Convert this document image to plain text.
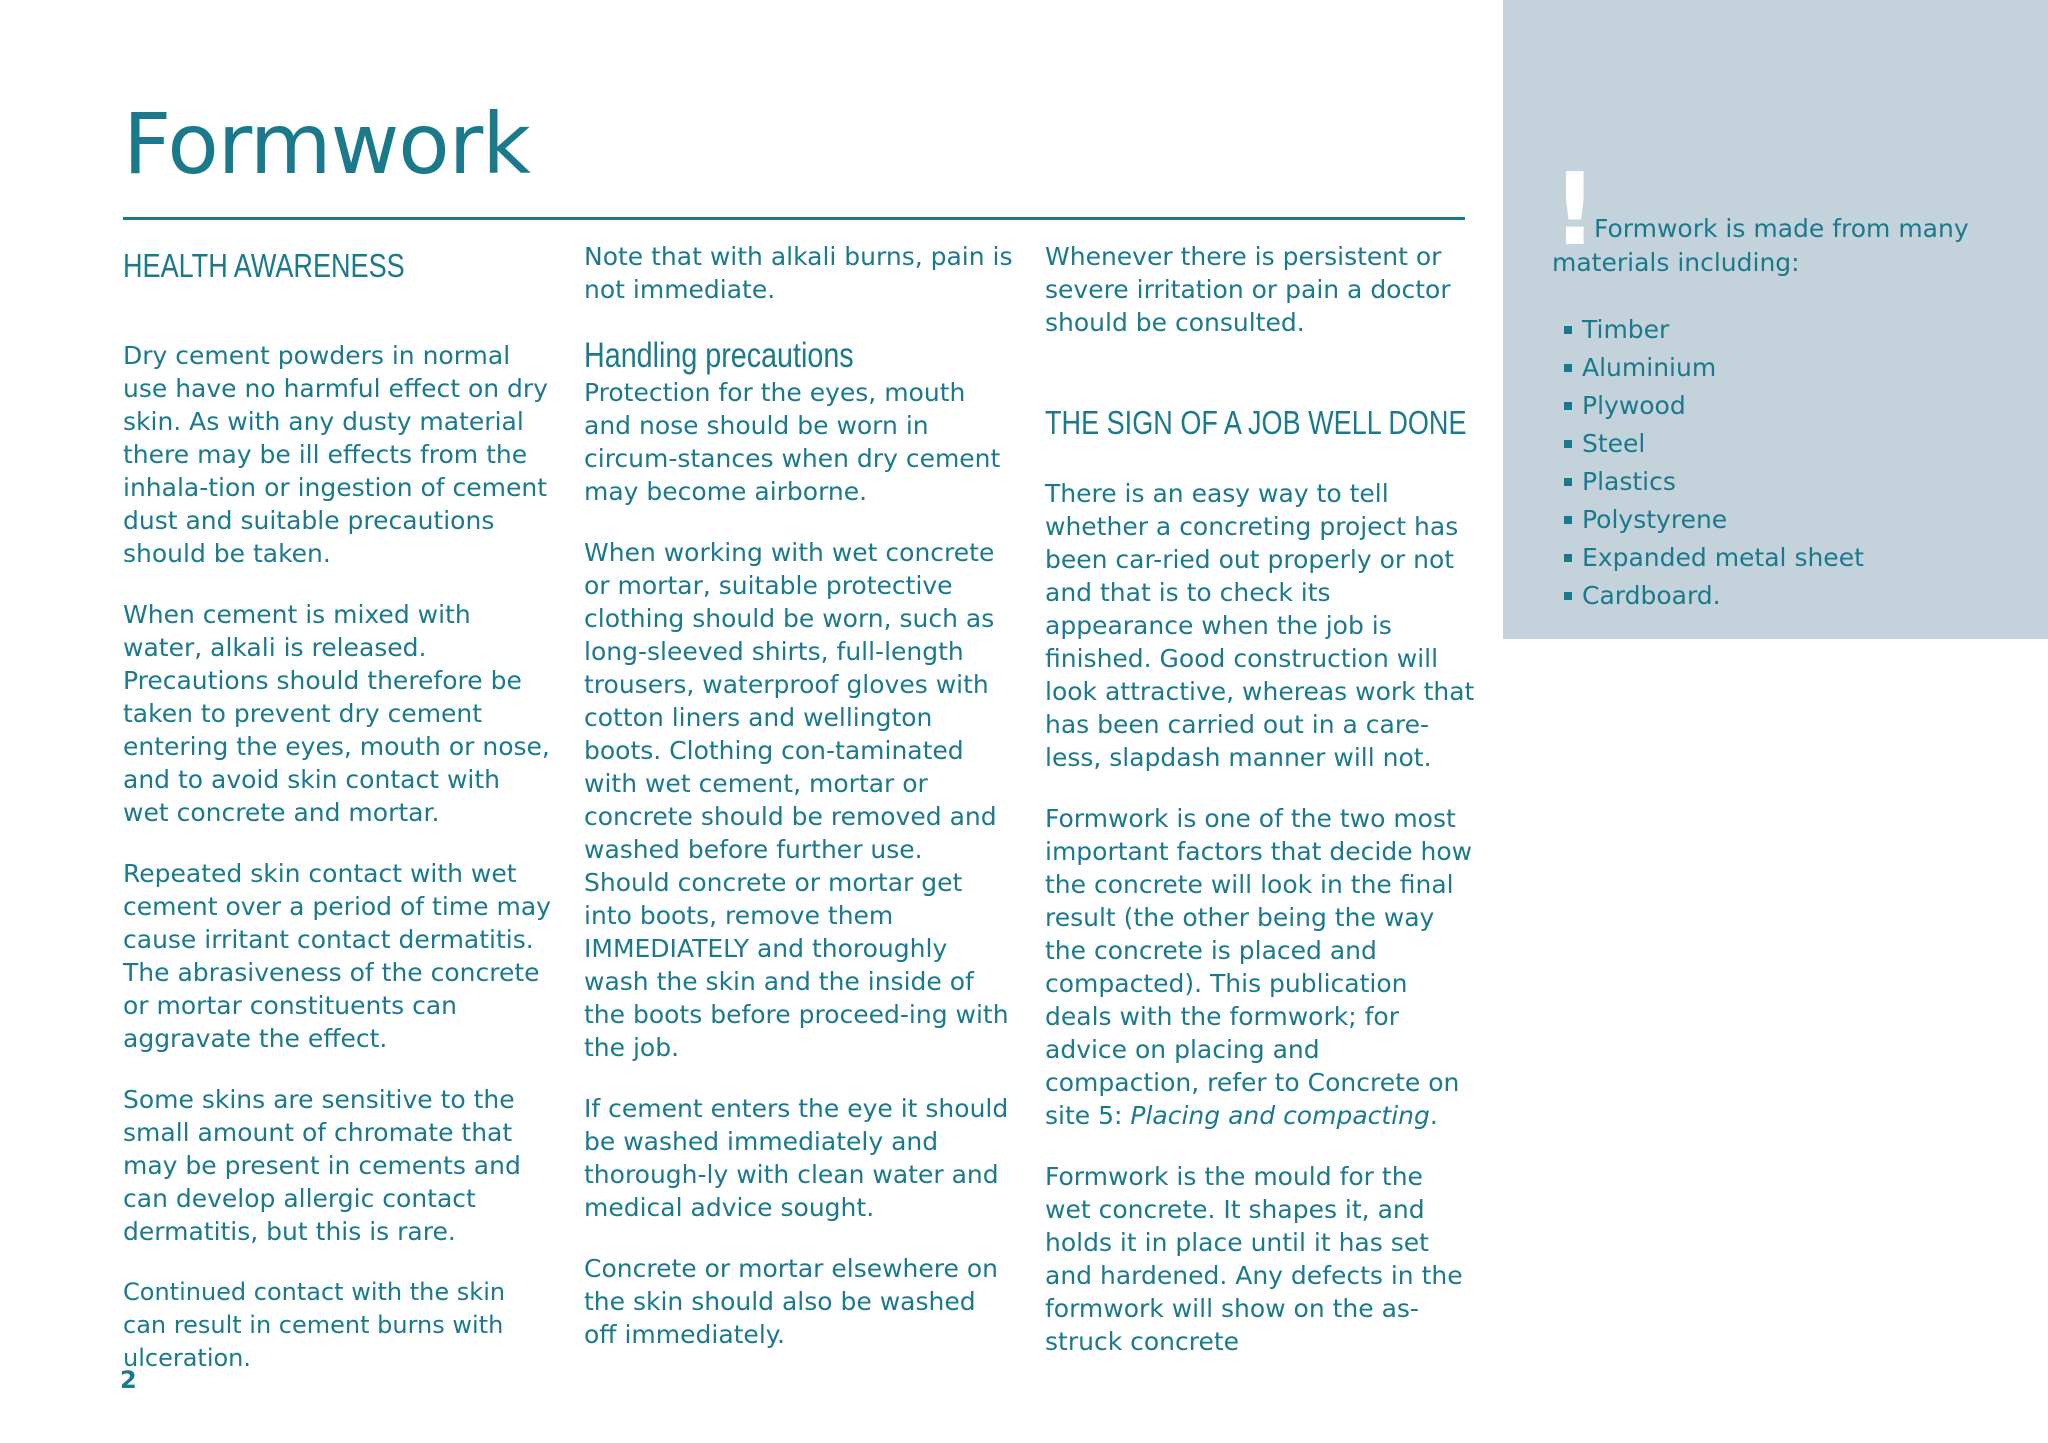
Formwork
HEALTH AWARENESS

Dry cement powders in normal use have no harmful effect on dry skin. As with any dusty material there may be ill effects from the inhala-tion or ingestion of cement dust and suitable precautions should be taken.

When cement is mixed with water, alkali is released. Precautions should therefore be taken to prevent dry cement entering the eyes, mouth or nose, and to avoid skin contact with wet concrete and mortar.

Repeated skin contact with wet cement over a period of time may cause irritant contact dermatitis. The abrasiveness of the concrete or mortar constituents can aggravate the effect.

Some skins are sensitive to the small amount of chromate that may be present in cements and can develop allergic contact dermatitis, but this is rare.

Continued contact with the skin can result in cement burns with ulceration.

Note that with alkali burns, pain is not immediate.

Handling precautions

Protection for the eyes, mouth and nose should be worn in circum-stances when dry cement may become airborne.

When working with wet concrete or mortar, suitable protective clothing should be worn, such as long-sleeved shirts, full-length trousers, waterproof gloves with cotton liners and wellington boots. Clothing con-taminated with wet cement, mortar or concrete should be removed and washed before further use. Should concrete or mortar get into boots, remove them IMMEDIATELY and thoroughly wash the skin and the inside of the boots before proceed-ing with the job.

If cement enters the eye it should be washed immediately and thorough-ly with clean water and medical advice sought.

Concrete or mortar elsewhere on the skin should also be washed off immediately.

Whenever there is persistent or severe irritation or pain a doctor should be consulted.

THE SIGN OF A JOB WELL DONE

There is an easy way to tell whether a concreting project has been car-ried out properly or not and that is to check its appearance when the job is finished. Good construction will look attractive, whereas work that has been carried out in a care-less, slapdash manner will not.

Formwork is one of the two most important factors that decide how the concrete will look in the final result (the other being the way the concrete is placed and compacted). This publication deals with the formwork; for advice on placing and compaction, refer to Concrete on site 5: Placing and compacting.

Formwork is the mould for the wet concrete. It shapes it, and holds it in place until it has set and hardened. Any defects in the formwork will show on the as-struck concrete

!

Formwork is made from many materials including:

Timber
Aluminium
Plywood
Steel
Plastics
Polystyrene
Expanded metal sheet
Cardboard.
2
